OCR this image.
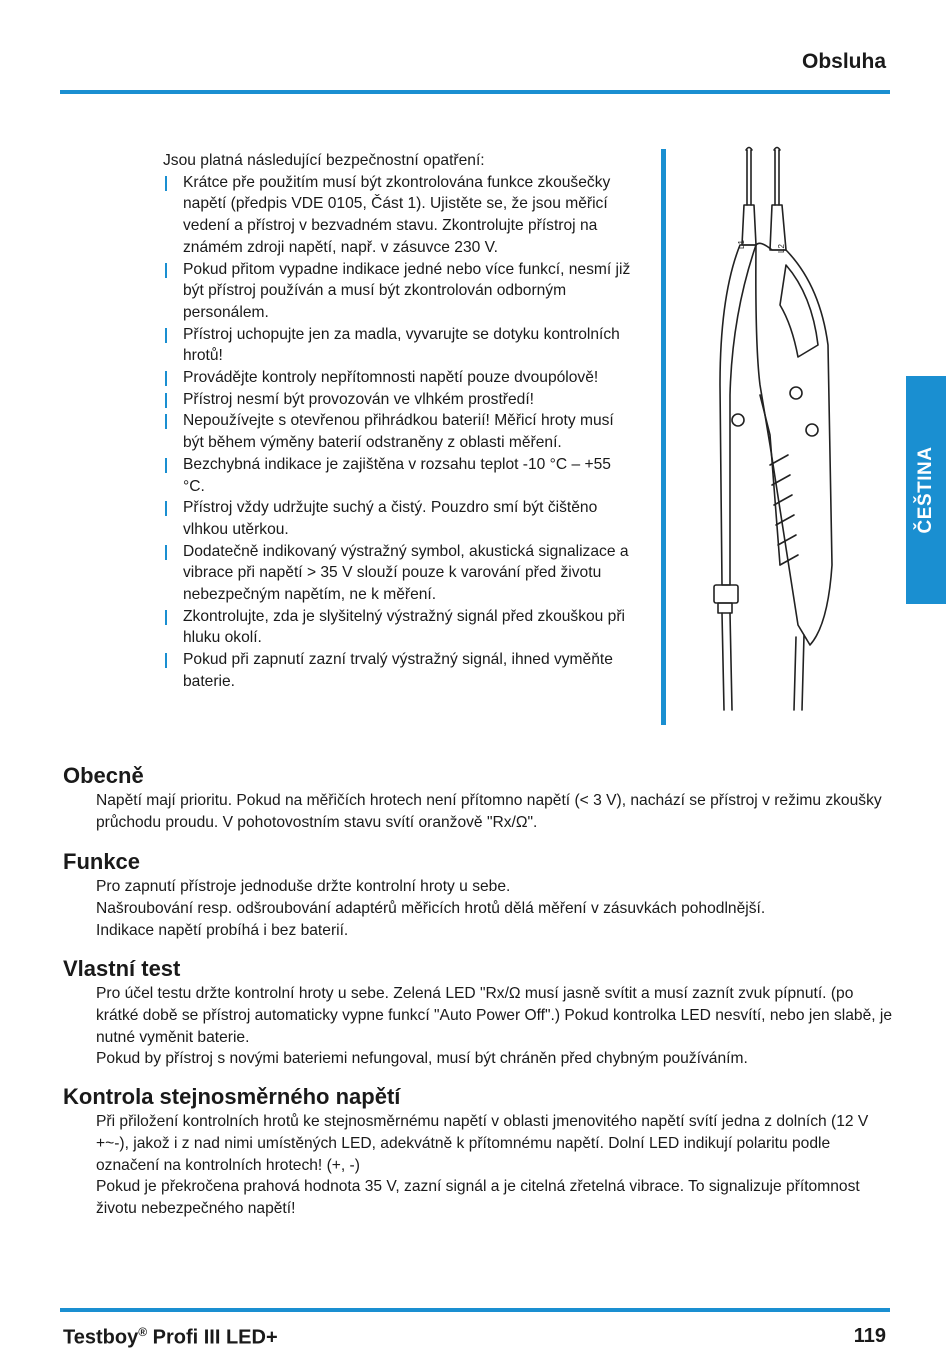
Obsluha

Jsou platná následující bezpečnostní opatření:

Krátce pře použitím musí být zkontrolována funkce zkoušečky napětí (předpis VDE 0105, Část 1). Ujistěte se, že jsou měřicí vedení a přístroj v bezvadném stavu. Zkontrolujte přístroj na známém zdroji napětí, např. v zásuvce 230 V.
Pokud přitom vypadne indikace jedné nebo více funkcí, nesmí již být přístroj používán a musí být zkontrolován odborným personálem.
Přístroj uchopujte jen za madla, vyvarujte se dotyku kontrolních hrotů!
Provádějte kontroly nepřítomnosti napětí pouze dvoupólově!
Přístroj nesmí být provozován ve vlhkém prostředí!
Nepoužívejte s otevřenou přihrádkou baterií! Měřicí hroty musí být během výměny baterií odstraněny z oblasti měření.
Bezchybná indikace je zajištěna v rozsahu teplot -10 °C – +55 °C.
Přístroj vždy udržujte suchý a čistý. Pouzdro smí být čištěno vlhkou utěrkou.
Dodatečně indikovaný výstražný symbol, akustická signalizace a vibrace při napětí > 35 V slouží pouze k varování před životu nebezpečným napětím, ne k měření.
Zkontrolujte, zda je slyšitelný výstražný signál před zkouškou při hluku okolí.
Pokud při zapnutí zazní trvalý výstražný signál, ihned vyměňte baterie.
L1	L2
ČEŠTINA
Obecně

Napětí mají prioritu. Pokud na měřičích hrotech není přítomno napětí (< 3 V), nachází se přístroj v režimu zkoušky průchodu proudu. V pohotovostním stavu svítí oranžově "Rx/Ω".

Funkce

Pro zapnutí přístroje jednoduše držte kontrolní hroty u sebe.

Našroubování resp. odšroubování adaptérů měřicích hrotů dělá měření v zásuvkách pohodlnější.

Indikace napětí probíhá i bez baterií.

Vlastní test

Pro účel testu držte kontrolní hroty u sebe. Zelená LED "Rx/Ω musí jasně svítit a musí zaznít zvuk pípnutí. (po krátké době se přístroj automaticky vypne funkcí "Auto Power Off".) Pokud kontrolka LED nesvítí, nebo jen slabě, je nutné vyměnit baterie.

Pokud by přístroj s novými bateriemi nefungoval, musí být chráněn před chybným používáním.

Kontrola stejnosměrného napětí

Při přiložení kontrolních hrotů ke stejnosměrnému napětí v oblasti jmenovitého napětí svítí jedna z dolních (12 V +~-), jakož i z nad nimi umístěných LED, adekvátně k přítomnému napětí. Dolní LED indikují polaritu podle označení na kontrolních hrotech! (+, -)

Pokud je překročena prahová hodnota 35 V, zazní signál a je citelná zřetelná vibrace. To signalizuje přítomnost životu nebezpečného napětí!

Testboy® Profi III LED+	119
